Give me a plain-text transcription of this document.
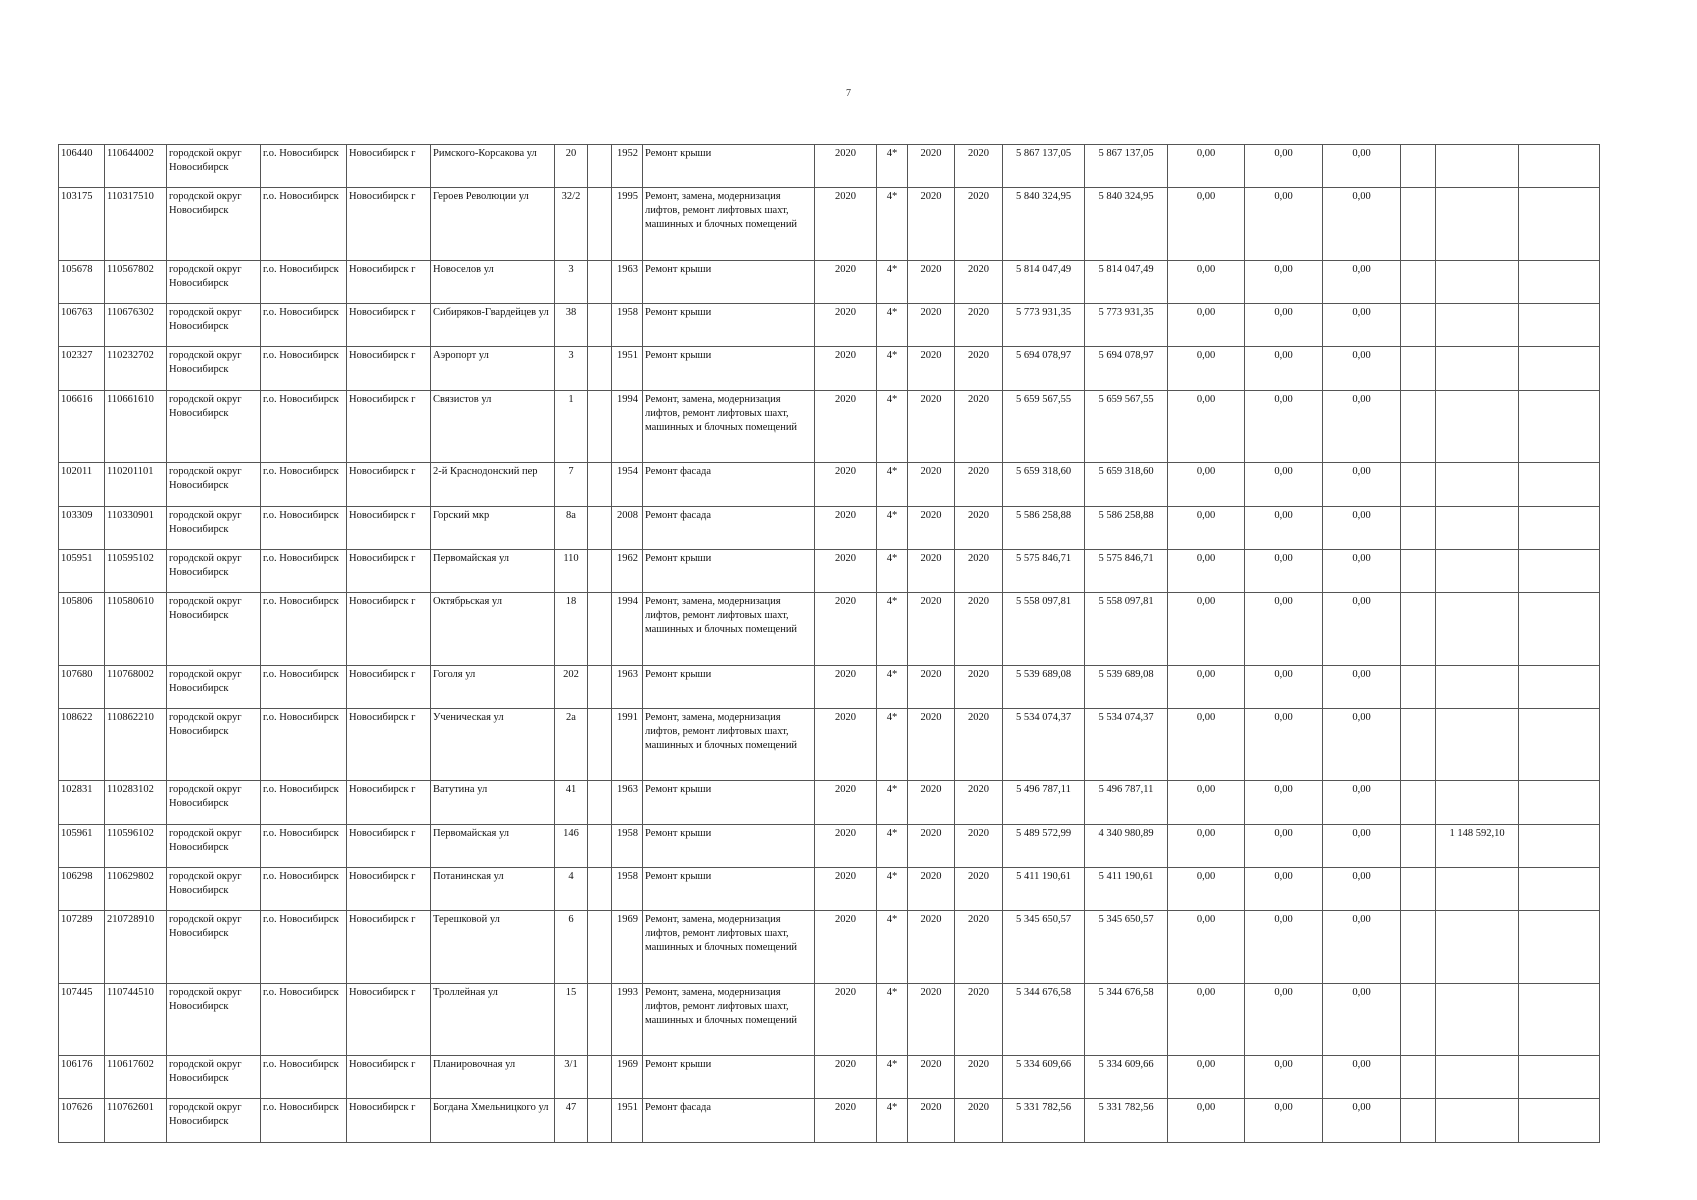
7
106440	110644002	городской округ Новосибирск	г.о. Новосибирск	Новосибирск г	Римского-Корсакова ул	20		1952	Ремонт крыши	2020	4*	2020	2020	5 867 137,05	5 867 137,05	0,00	0,00	0,00			
103175	110317510	городской округ Новосибирск	г.о. Новосибирск	Новосибирск г	Героев Революции ул	32/2		1995	Ремонт, замена, модернизация лифтов, ремонт лифтовых шахт, машинных и блочных помещений	2020	4*	2020	2020	5 840 324,95	5 840 324,95	0,00	0,00	0,00			
105678	110567802	городской округ Новосибирск	г.о. Новосибирск	Новосибирск г	Новоселов ул	3		1963	Ремонт крыши	2020	4*	2020	2020	5 814 047,49	5 814 047,49	0,00	0,00	0,00			
106763	110676302	городской округ Новосибирск	г.о. Новосибирск	Новосибирск г	Сибиряков-Гвардейцев ул	38		1958	Ремонт крыши	2020	4*	2020	2020	5 773 931,35	5 773 931,35	0,00	0,00	0,00			
102327	110232702	городской округ Новосибирск	г.о. Новосибирск	Новосибирск г	Аэропорт ул	3		1951	Ремонт крыши	2020	4*	2020	2020	5 694 078,97	5 694 078,97	0,00	0,00	0,00			
106616	110661610	городской округ Новосибирск	г.о. Новосибирск	Новосибирск г	Связистов ул	1		1994	Ремонт, замена, модернизация лифтов, ремонт лифтовых шахт, машинных и блочных помещений	2020	4*	2020	2020	5 659 567,55	5 659 567,55	0,00	0,00	0,00			
102011	110201101	городской округ Новосибирск	г.о. Новосибирск	Новосибирск г	2-й Краснодонский пер	7		1954	Ремонт фасада	2020	4*	2020	2020	5 659 318,60	5 659 318,60	0,00	0,00	0,00			
103309	110330901	городской округ Новосибирск	г.о. Новосибирск	Новосибирск г	Горский мкр	8а		2008	Ремонт фасада	2020	4*	2020	2020	5 586 258,88	5 586 258,88	0,00	0,00	0,00			
105951	110595102	городской округ Новосибирск	г.о. Новосибирск	Новосибирск г	Первомайская ул	110		1962	Ремонт крыши	2020	4*	2020	2020	5 575 846,71	5 575 846,71	0,00	0,00	0,00			
105806	110580610	городской округ Новосибирск	г.о. Новосибирск	Новосибирск г	Октябрьская ул	18		1994	Ремонт, замена, модернизация лифтов, ремонт лифтовых шахт, машинных и блочных помещений	2020	4*	2020	2020	5 558 097,81	5 558 097,81	0,00	0,00	0,00			
107680	110768002	городской округ Новосибирск	г.о. Новосибирск	Новосибирск г	Гоголя ул	202		1963	Ремонт крыши	2020	4*	2020	2020	5 539 689,08	5 539 689,08	0,00	0,00	0,00			
108622	110862210	городской округ Новосибирск	г.о. Новосибирск	Новосибирск г	Ученическая ул	2а		1991	Ремонт, замена, модернизация лифтов, ремонт лифтовых шахт, машинных и блочных помещений	2020	4*	2020	2020	5 534 074,37	5 534 074,37	0,00	0,00	0,00			
102831	110283102	городской округ Новосибирск	г.о. Новосибирск	Новосибирск г	Ватутина ул	41		1963	Ремонт крыши	2020	4*	2020	2020	5 496 787,11	5 496 787,11	0,00	0,00	0,00			
105961	110596102	городской округ Новосибирск	г.о. Новосибирск	Новосибирск г	Первомайская ул	146		1958	Ремонт крыши	2020	4*	2020	2020	5 489 572,99	4 340 980,89	0,00	0,00	0,00		1 148 592,10	
106298	110629802	городской округ Новосибирск	г.о. Новосибирск	Новосибирск г	Потанинская ул	4		1958	Ремонт крыши	2020	4*	2020	2020	5 411 190,61	5 411 190,61	0,00	0,00	0,00			
107289	210728910	городской округ Новосибирск	г.о. Новосибирск	Новосибирск г	Терешковой ул	6		1969	Ремонт, замена, модернизация лифтов, ремонт лифтовых шахт, машинных и блочных помещений	2020	4*	2020	2020	5 345 650,57	5 345 650,57	0,00	0,00	0,00			
107445	110744510	городской округ Новосибирск	г.о. Новосибирск	Новосибирск г	Троллейная ул	15		1993	Ремонт, замена, модернизация лифтов, ремонт лифтовых шахт, машинных и блочных помещений	2020	4*	2020	2020	5 344 676,58	5 344 676,58	0,00	0,00	0,00			
106176	110617602	городской округ Новосибирск	г.о. Новосибирск	Новосибирск г	Планировочная ул	3/1		1969	Ремонт крыши	2020	4*	2020	2020	5 334 609,66	5 334 609,66	0,00	0,00	0,00			
107626	110762601	городской округ Новосибирск	г.о. Новосибирск	Новосибирск г	Богдана Хмельницкого ул	47		1951	Ремонт фасада	2020	4*	2020	2020	5 331 782,56	5 331 782,56	0,00	0,00	0,00			
